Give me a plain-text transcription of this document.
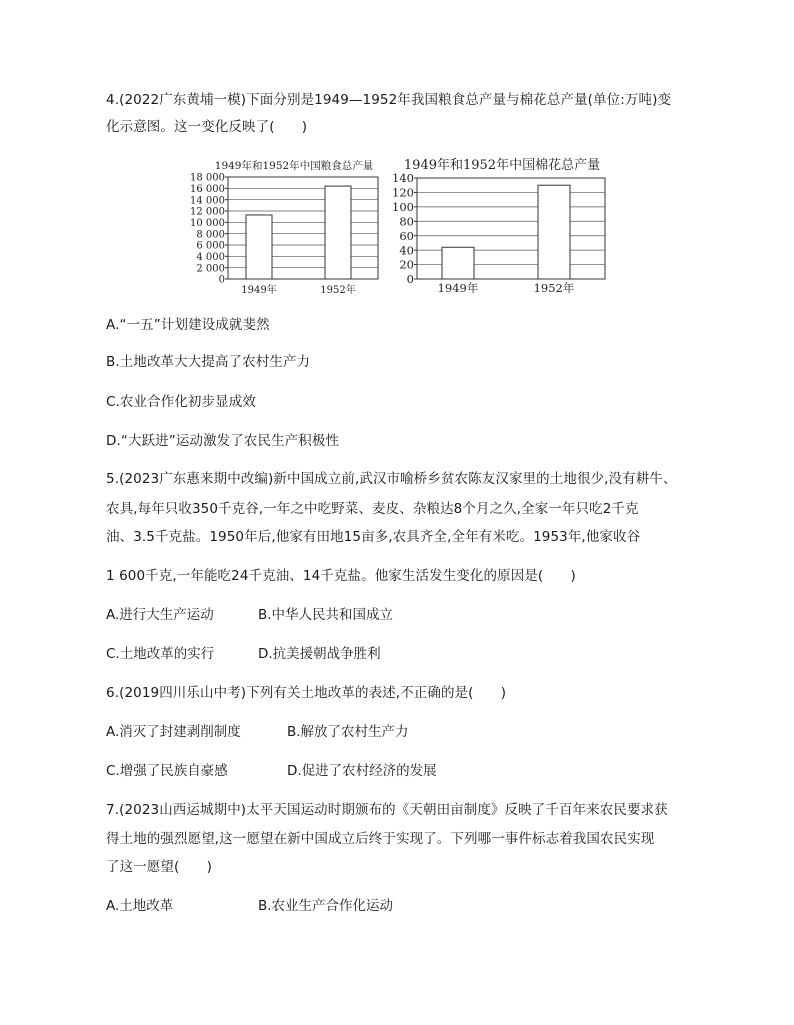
4.(2022广东黄埔一模)下面分别是1949—1952年我国粮食总产量与棉花总产量(单位:万吨)变
化示意图。这一变化反映了(　　)
1949年和1952年中国粮食总产量
0
2 000
4 000
6 000
8 000
10 000
12 000
14 000
16 000
18 000
1949年	1952年
1949年和1952年中国棉花总产量
0
20
40
60
80
100
120
140
1949年	1952年
A.“一五”计划建设成就斐然
B.土地改革大大提高了农村生产力
C.农业合作化初步显成效
D.“大跃进”运动激发了农民生产积极性
5.(2023广东惠来期中改编)新中国成立前,武汉市喻桥乡贫农陈友汉家里的土地很少,没有耕牛、
农具,每年只收350千克谷,一年之中吃野菜、麦皮、杂粮达8个月之久,全家一年只吃2千克
油、3.5千克盐。1950年后,他家有田地15亩多,农具齐全,全年有米吃。1953年,他家收谷
1 600千克,一年能吃24千克油、14千克盐。他家生活发生变化的原因是(　　)
A.进行大生产运动	B.中华人民共和国成立
C.土地改革的实行	D.抗美援朝战争胜利
6.(2019四川乐山中考)下列有关土地改革的表述,不正确的是(　　)
A.消灭了封建剥削制度	B.解放了农村生产力
C.增强了民族自豪感	D.促进了农村经济的发展
7.(2023山西运城期中)太平天国运动时期颁布的《天朝田亩制度》反映了千百年来农民要求获
得土地的强烈愿望,这一愿望在新中国成立后终于实现了。下列哪一事件标志着我国农民实现
了这一愿望(　　)
A.土地改革	B.农业生产合作化运动
